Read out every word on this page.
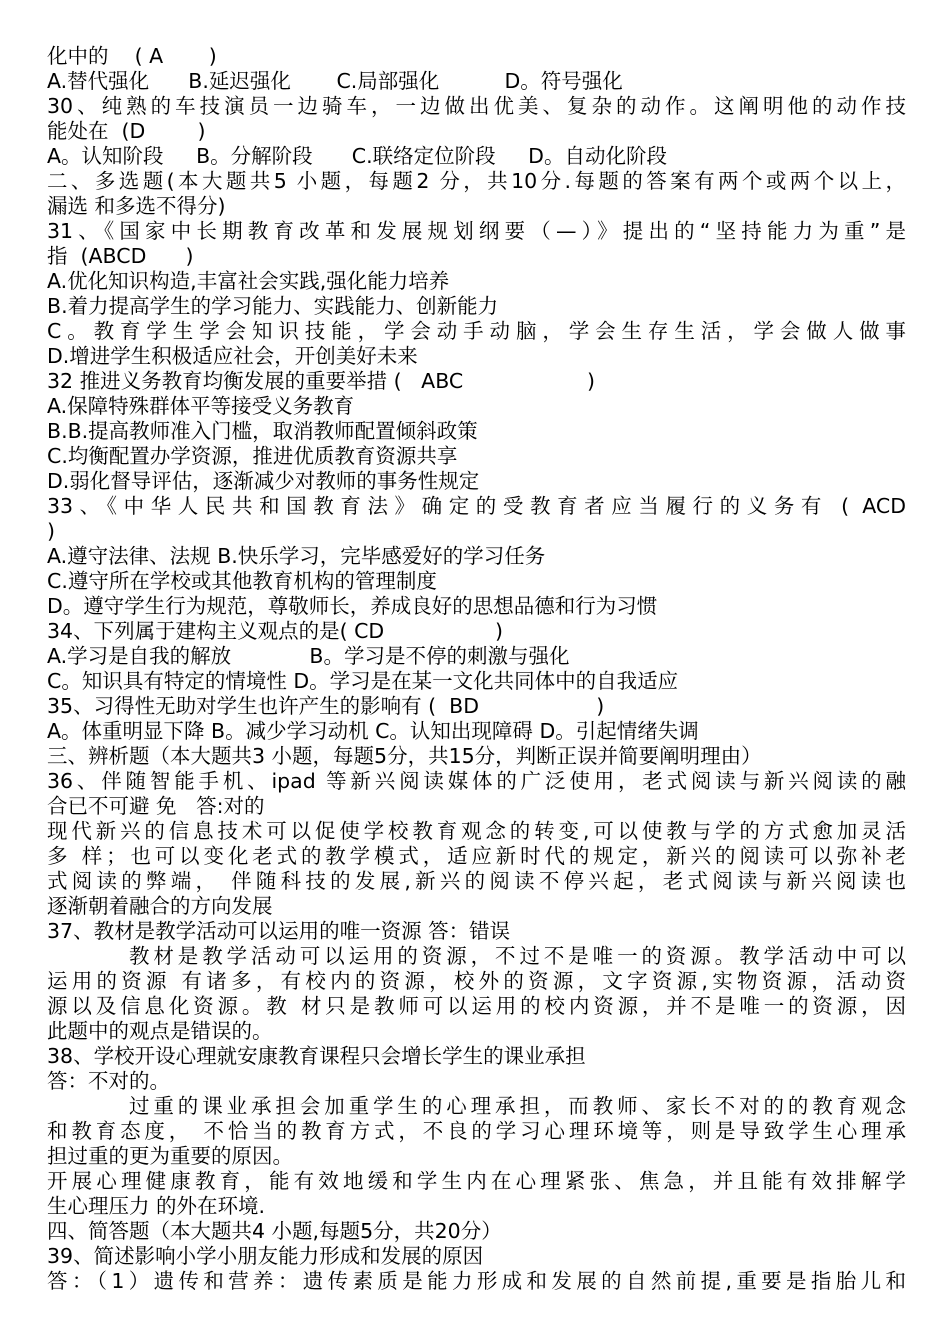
化中的    ( A       )
A.替代强化      B.延迟强化       C.局部强化          D。符号强化
30、纯熟的车技演员一边骑车，一边做出优美、复杂的动作。这阐明他的动作技
能处在  (D        )
A。认知阶段     B。分解阶段      C.联络定位阶段     D。自动化阶段
二、多选题(本大题共5 小题，每题2 分，共10分.每题的答案有两个或两个以上，
漏选 和多选不得分)
31、《国家中长期教育改革和发展规划纲要（—）》提出的“坚持能力为重”是
指  (ABCD      )
A.优化知识构造,丰富社会实践,强化能力培养
B.着力提高学生的学习能力、实践能力、创新能力
C。教育学生学会知识技能，学会动手动脑，学会生存生活，学会做人做事
D.增进学生积极适应社会，开创美好未来
32 推进义务教育均衡发展的重要举措 (   ABC                   )
A.保障特殊群体平等接受义务教育
B.B.提高教师准入门槛，取消教师配置倾斜政策
C.均衡配置办学资源，推进优质教育资源共享
D.弱化督导评估，逐渐减少对教师的事务性规定
33、《中华人民共和国教育法》确定的受教育者应当履行的义务有 ( ACD
)
A.遵守法律、法规 B.快乐学习，完毕感爱好的学习任务
C.遵守所在学校或其他教育机构的管理制度
D。遵守学生行为规范，尊敬师长，养成良好的思想品德和行为习惯
34、下列属于建构主义观点的是( CD                 )
A.学习是自我的解放            B。学习是不停的刺激与强化
C。知识具有特定的情境性 D。学习是在某一文化共同体中的自我适应
35、习得性无助对学生也许产生的影响有 (  BD                  )
A。体重明显下降 B。减少学习动机 C。认知出现障碍 D。引起情绪失调
三、辨析题（本大题共3 小题，每题5分，共15分，判断正误并简要阐明理由）
36、伴随智能手机、ipad 等新兴阅读媒体的广泛使用，老式阅读与新兴阅读的融
合已不可避 免   答:对的
现代新兴的信息技术可以促使学校教育观念的转变,可以使教与学的方式愈加灵活
多 样；也可以变化老式的教学模式，适应新时代的规定，新兴的阅读可以弥补老
式阅读的弊端， 伴随科技的发展,新兴的阅读不停兴起，老式阅读与新兴阅读也
逐渐朝着融合的方向发展
37、教材是教学活动可以运用的唯一资源 答：错误
教材是教学活动可以运用的资源，不过不是唯一的资源。教学活动中可以
运用的资源 有诸多，有校内的资源，校外的资源，文字资源,实物资源，活动资
源以及信息化资源。教 材只是教师可以运用的校内资源，并不是唯一的资源，因
此题中的观点是错误的。
38、学校开设心理就安康教育课程只会增长学生的课业承担
答：不对的。
过重的课业承担会加重学生的心理承担，而教师、家长不对的的教育观念
和教育态度， 不恰当的教育方式，不良的学习心理环境等，则是导致学生心理承
担过重的更为重要的原因。
开展心理健康教育，能有效地缓和学生内在心理紧张、焦急，并且能有效排解学
生心理压力 的外在环境.
四、简答题（本大题共4 小题,每题5分，共20分）
39、简述影响小学小朋友能力形成和发展的原因
答：（1）遗传和营养：遗传素质是能力形成和发展的自然前提,重要是指胎儿和
